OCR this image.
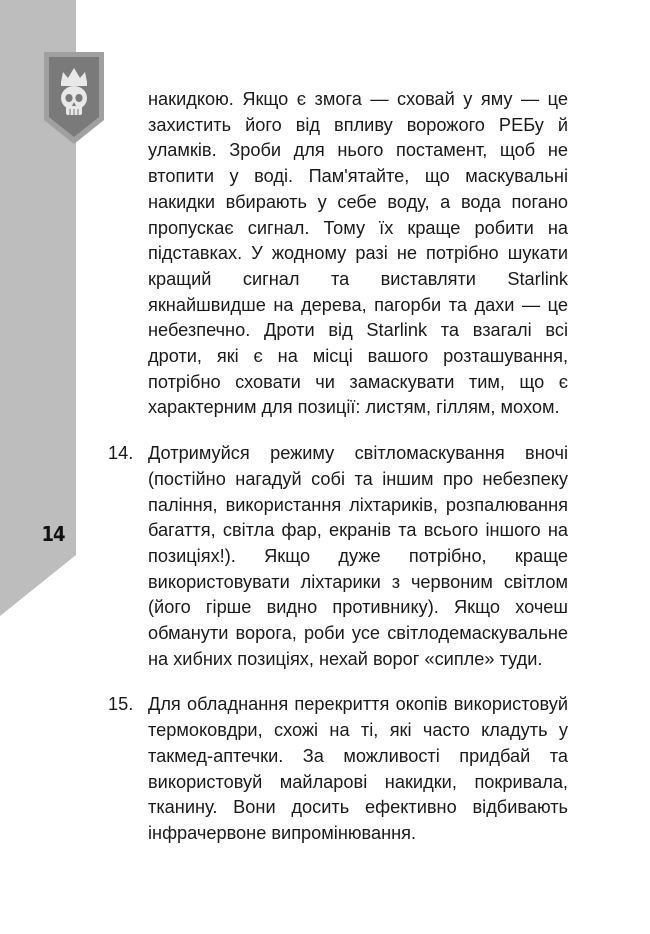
14

накидкою. Якщо є змога — сховай у яму — це захистить його від впливу ворожого РЕБу й уламків. Зроби для нього постамент, щоб не втопити у воді. Пам'ятайте, що маскувальні накидки вбирають у себе воду, а вода погано пропускає сигнал. Тому їх краще робити на підставках. У жодному разі не потрібно шукати кращий сигнал та виставляти Starlink якнайшвидше на дерева, пагорби та дахи — це небезпечно. Дроти від Starlink та взагалі всі дроти, які є на місці вашого розташування, потрібно сховати чи замаскувати тим, що є характерним для позиції: листям, гіллям, мохом.

14. Дотримуйся режиму світломаскування вночі (постійно нагадуй собі та іншим про небезпеку паління, використання ліхтариків, розпалювання багаття, світла фар, екранів та всього іншого на позиціях!). Якщо дуже потрібно, краще використовувати ліхтарики з червоним світлом (його гірше видно противнику). Якщо хочеш обманути ворога, роби усе світлодемаскувальне на хибних позиціях, нехай ворог «сипле» туди.

15. Для обладнання перекриття окопів використовуй термоковдри, схожі на ті, які часто кладуть у такмед-аптечки. За можливості придбай та використовуй майларові накидки, покривала, тканину. Вони досить ефективно відбивають інфрачервоне випромінювання.
